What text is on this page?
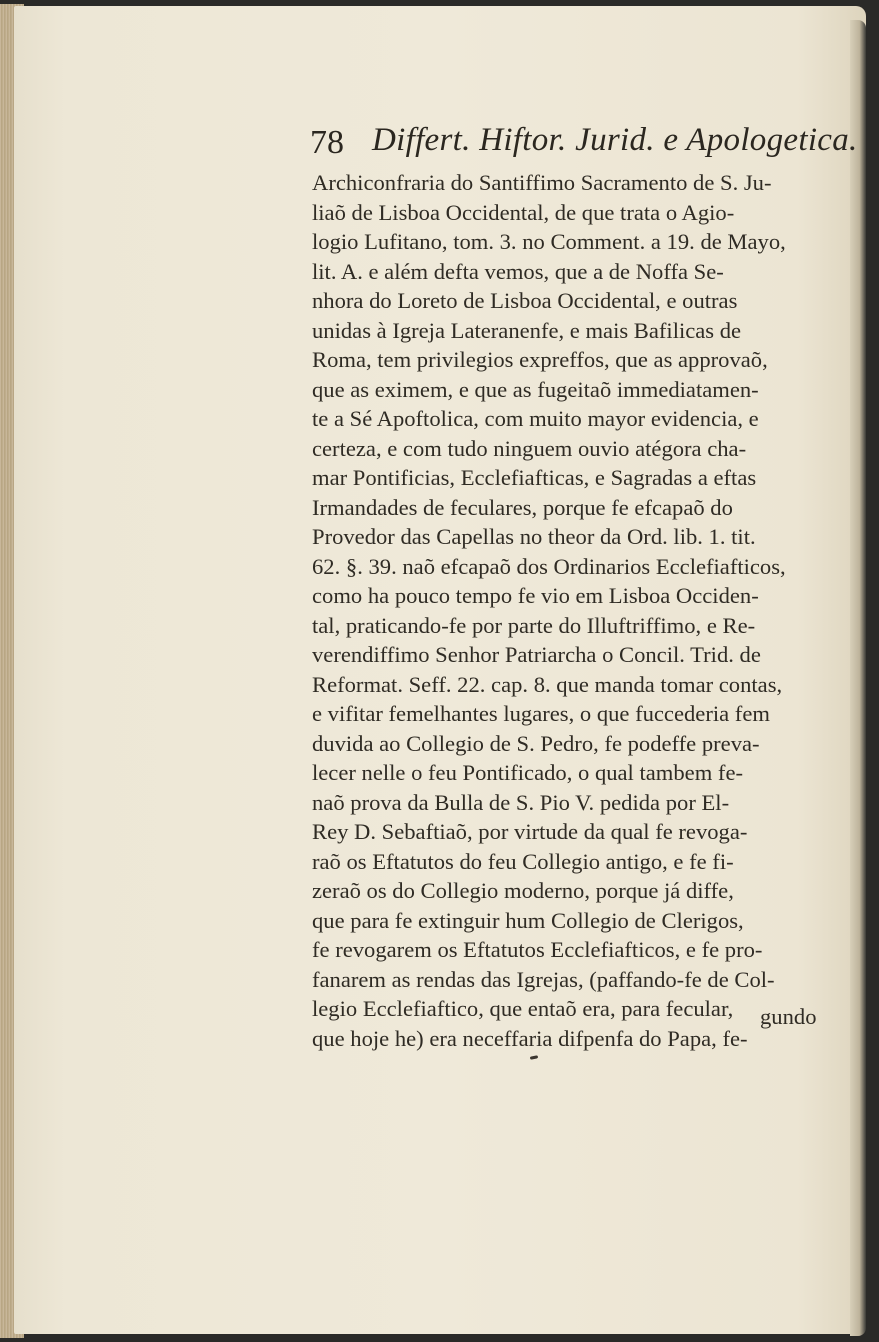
78 Differt. Hiftor. Jurid. e Apologetica.
Archiconfraria do Santiffimo Sacramento de S. Ju-
liaõ de Lisboa Occidental, de que trata o Agio-
logio Lufitano, tom. 3. no Comment. a 19. de Mayo,
lit. A. e além defta vemos, que a de Noffa Se-
nhora do Loreto de Lisboa Occidental, e outras
unidas à Igreja Lateranenfe, e mais Bafilicas de
Roma, tem privilegios expreffos, que as approvaõ,
que as eximem, e que as fugeitaõ immediatamen-
te a Sé Apoftolica, com muito mayor evidencia, e
certeza, e com tudo ninguem ouvio atégora cha-
mar Pontificias, Ecclefiafticas, e Sagradas a eftas
Irmandades de feculares, porque fe efcapaõ do
Provedor das Capellas no theor da Ord. lib. 1. tit.
62. §. 39. naõ efcapaõ dos Ordinarios Ecclefiafticos,
como ha pouco tempo fe vio em Lisboa Occiden-
tal, praticando-fe por parte do Illuftriffimo, e Re-
verendiffimo Senhor Patriarcha o Concil. Trid. de
Reformat. Seff. 22. cap. 8. que manda tomar contas,
e vifitar femelhantes lugares, o que fuccederia fem
duvida ao Collegio de S. Pedro, fe podeffe preva-
lecer nelle o feu Pontificado, o qual tambem fe-
naõ prova da Bulla de S. Pio V. pedida por El-
Rey D. Sebaftiaõ, por virtude da qual fe revoga-
raõ os Eftatutos do feu Collegio antigo, e fe fi-
zeraõ os do Collegio moderno, porque já diffe,
que para fe extinguir hum Collegio de Clerigos,
fe revogarem os Eftatutos Ecclefiafticos, e fe pro-
fanarem as rendas das Igrejas, (paffando-fe de Col-
legio Ecclefiaftico, que entaõ era, para fecular,
que hoje he) era neceffaria difpenfa do Papa, fe-
gundo
